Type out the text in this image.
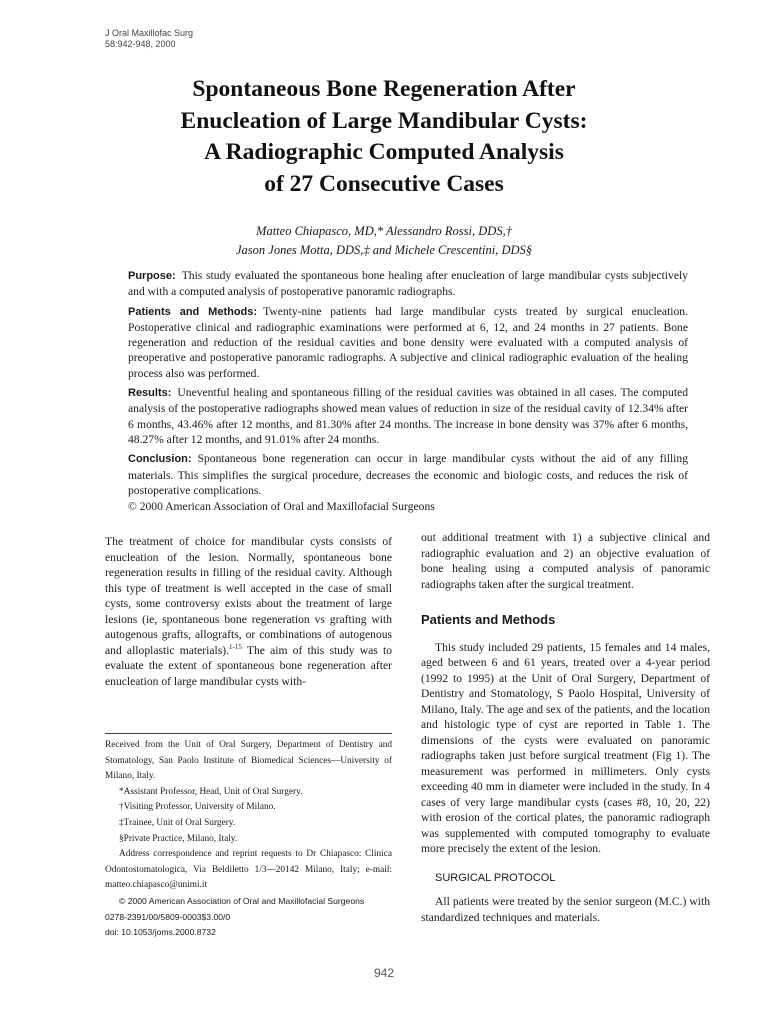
J Oral Maxillofac Surg
58:942-948, 2000
Spontaneous Bone Regeneration After
Enucleation of Large Mandibular Cysts:
A Radiographic Computed Analysis
of 27 Consecutive Cases
Matteo Chiapasco, MD,* Alessandro Rossi, DDS,†
Jason Jones Motta, DDS,‡ and Michele Crescentini, DDS§

Purpose: This study evaluated the spontaneous bone healing after enucleation of large mandibular cysts subjectively and with a computed analysis of postoperative panoramic radiographs.

Patients and Methods: Twenty-nine patients had large mandibular cysts treated by surgical enucleation. Postoperative clinical and radiographic examinations were performed at 6, 12, and 24 months in 27 patients. Bone regeneration and reduction of the residual cavities and bone density were evaluated with a computed analysis of preoperative and postoperative panoramic radiographs. A subjective and clinical radiographic evaluation of the healing process also was performed.

Results: Uneventful healing and spontaneous filling of the residual cavities was obtained in all cases. The computed analysis of the postoperative radiographs showed mean values of reduction in size of the residual cavity of 12.34% after 6 months, 43.46% after 12 months, and 81.30% after 24 months. The increase in bone density was 37% after 6 months, 48.27% after 12 months, and 91.01% after 24 months.

Conclusion: Spontaneous bone regeneration can occur in large mandibular cysts without the aid of any filling materials. This simplifies the surgical procedure, decreases the economic and biologic costs, and reduces the risk of postoperative complications.

© 2000 American Association of Oral and Maxillofacial Surgeons

The treatment of choice for mandibular cysts consists of enucleation of the lesion. Normally, spontaneous bone regeneration results in filling of the residual cavity. Although this type of treatment is well accepted in the case of small cysts, some controversy exists about the treatment of large lesions (ie, spontaneous bone regeneration vs grafting with autogenous grafts, allografts, or combinations of autogenous and alloplastic materials).$^{1-15}$ The aim of this study was to evaluate the extent of spontaneous bone regeneration after enucleation of large mandibular cysts with-

Received from the Unit of Oral Surgery, Department of Dentistry and Stomatology, San Paolo Institute of Biomedical Sciences—University of Milano, Italy.

*Assistant Professor, Head, Unit of Oral Surgery.

†Visiting Professor, University of Milano.

‡Trainee, Unit of Oral Surgery.

§Private Practice, Milano, Italy.

Address correspondence and reprint requests to Dr Chiapasco: Clinica Odontostomatologica, Via Beldiletto 1/3—20142 Milano, Italy; e-mail: matteo.chiapasco@unimi.it

© 2000 American Association of Oral and Maxillofacial Surgeons

0278-2391/00/5809-0003$3.00/0

doi: 10.1053/joms.2000.8732

out additional treatment with 1) a subjective clinical and radiographic evaluation and 2) an objective evaluation of bone healing using a computed analysis of panoramic radiographs taken after the surgical treatment.

Patients and Methods

This study included 29 patients, 15 females and 14 males, aged between 6 and 61 years, treated over a 4-year period (1992 to 1995) at the Unit of Oral Surgery, Department of Dentistry and Stomatology, S Paolo Hospital, University of Milano, Italy. The age and sex of the patients, and the location and histologic type of cyst are reported in Table 1. The dimensions of the cysts were evaluated on panoramic radiographs taken just before surgical treatment (Fig 1). The measurement was performed in millimeters. Only cysts exceeding 40 mm in diameter were included in the study. In 4 cases of very large mandibular cysts (cases #8, 10, 20, 22) with erosion of the cortical plates, the panoramic radiograph was supplemented with computed tomography to evaluate more precisely the extent of the lesion.

SURGICAL PROTOCOL

All patients were treated by the senior surgeon (M.C.) with standardized techniques and materials.

942
